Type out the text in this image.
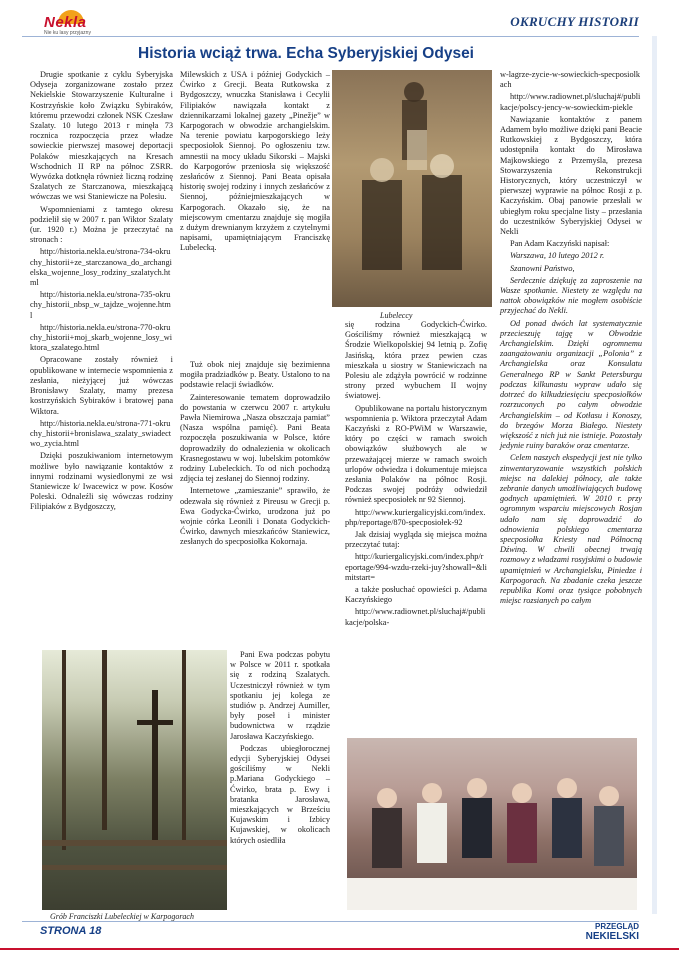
Nekla
Nie ku lasy przyjazny
OKRUCHY HISTORII
Historia wciąż trwa. Echa Syberyjskiej Odysei

Drugie spotkanie z cyklu Syberyjska Odyseja zorganizowane zostało przez Nekielskie Stowarzyszenie Kulturalne i Kostrzyńskie koło Związku Sybiraków, któremu przewodzi członek NSK Czesław Szalaty. 10 lutego 2013 r minęła 73 rocznica rozpoczęcia przez władze sowieckie pierwszej masowej deportacji Polaków mieszkających na Kresach Wschodnich II RP na północ ZSRR. Wywózka dotknęła również liczną rodzinę Szalatych ze Starczanowa, mieszkającą wówczas we wsi Staniewicze na Polesiu.

Wspomnieniami z tamtego okresu podzielił się w 2007 r. pan Wiktor Szalaty (ur. 1920 r.) Można je przeczytać na stronach :

http://historia.nekla.eu/strona-734-okruchy_historii+ze_starczanowa_do_archangielska_wojenne_losy_rodziny_szalatych.html

http://historia.nekla.eu/strona-735-okruchy_historii_nbsp_w_tajdze_wojenne.html

http://historia.nekla.eu/strona-770-okruchy_historii+moj_skarb_wojenne_losy_wiktora_szalatego.html

Opracowane zostały również i opublikowane w internecie wspomnienia z zesłania, nieżyjącej już wówczas Bronisławy Szalaty, mamy prezesa kostrzyńskich Sybiraków i bratowej pana Wiktora.

http://historia.nekla.eu/strona-771-okruchy_historii+bronislawa_szalaty_swiadectwo_zycia.html

Dzięki poszukiwaniom internetowym możliwe było nawiązanie kontaktów z innymi rodzinami wysiedlonymi ze wsi Staniewicze k/ Iwacewicz w pow. Kosów Poleski. Odnaleźli się wówczas rodziny Filipiaków z Bydgoszczy,

Milewskich z USA i później Godyckich – Ćwirko z Grecji. Beata Rutkowska z Bydgoszczy, wnuczka Stanisława i Cecylii Filipiaków nawiązała kontakt z dziennikarzami lokalnej gazety „Pinežje” w Karpogorach w obwodzie archangielskim. Na terenie powiatu karpogorskiego leży specposiołok Siennoj. Po ogłoszeniu tzw. amnestii na mocy układu Sikorski – Majski do Karpogorów przeniosła się większość zesłańców z Siennoj. Pani Beata opisała historię swojej rodziny i innych zesłańców z Siennoj, późniejmieszkających w Karpogorach. Okazało się, że na miejscowym cmentarzu znajduje się mogiła z dużym drewnianym krzyżem z czytelnymi napisami, upamiętniającym Franciszkę Lubelecką.

Tuż obok niej znajduje się bezimienna mogiła pradziadków p. Beaty. Ustalono to na podstawie relacji świadków.

Zainteresowanie tematem doprowadziło do powstania w czerwcu 2007 r. artykułu Pawła Niemirowa „Nasza obszczaja pamiat” (Nasza wspólna pamięć). Pani Beata rozpoczęła poszukiwania w Polsce, które doprowadziły do odnalezienia w okolicach Krasnegostawu w woj. lubelskim potomków rodziny Lubeleckich. To od nich pochodzą zdjęcia tej zesłanej do Siennoj rodziny.

Internetowe „zamieszanie” sprawiło, że odezwała się również z Pireusu w Grecji p. Ewa Godycka-Ćwirko, urodzona już po wojnie córka Leonili i Donata Godyckich-Ćwirko, dawnych mieszkańców Staniewicz, zesłanych do specposiołka Kokornaja.

Pani Ewa podczas pobytu w Polsce w 2011 r. spotkała się z rodziną Szalatych. Uczestniczył również w tym spotkaniu jej kolega ze studiów p. Andrzej Aumiller, były poseł i minister budownictwa w rządzie Jarosława Kaczyńskiego.

Podczas ubiegłorocznej edycji Syberyjskiej Odysei gościliśmy w Nekli p.Mariana Godyckiego – Ćwirko, brata p. Ewy i bratanka Jarosława, mieszkających w Brześciu Kujawskim i Izbicy Kujawskiej, w okolicach których osiedliła

Lubeleccy
Grób Franciszki Lubeleckiej w Karpogorach

się rodzina Godyckich-Ćwirko. Gościliśmy również mieszkającą w Środzie Wielkopolskiej 94 letnią p. Zofię Jasińską, która przez pewien czas mieszkała u siostry w Staniewiczach na Polesiu ale zdążyła powrócić w rodzinne strony przed wybuchem II wojny światowej.

Opublikowane na portalu historycznym wspomnienia p. Wiktora przeczytał Adam Kaczyński z RO-PWiM w Warszawie, który po części w ramach swoich obowiązków służbowych ale w przeważającej mierze w ramach swoich urlopów odwiedza i dokumentuje miejsca zesłania Polaków na północ Rosji. Podczas swojej podróży odwiedził również specposiołek nr 92 Siennoj.

http://www.kuriergalicyjski.com/index.php/reportage/870-specposiołek-92

Jak dzisiaj wygląda się miejsca można przeczytać tutaj:

http://kuriergalicyjski.com/index.php/reportage/994-wzdu-rzeki-juy?showall=&limitstart=

a także posłuchać opowieści p. Adama Kaczyńskiego

http://www.radiownet.pl/sluchaj#/publikacje/polska-

w-lagrze-zycie-w-sowieckich-specposiolkach

http://www.radiownet.pl/sluchaj#/publikacje/polscy-jency-w-sowieckim-piekle

Nawiązanie kontaktów z panem Adamem było możliwe dzięki pani Beacie Rutkowskiej z Bydgoszczy, która udostępniła kontakt do Mirosława Majkowskiego z Przemyśla, prezesa Stowarzyszenia Rekonstrukcji Historycznych, który uczestniczył w pierwszej wyprawie na północ Rosji z p. Kaczyńskim. Obaj panowie przesłali w ubiegłym roku specjalne listy – przesłania do uczestników Syberyjskiej Odysei w Nekli

Pan Adam Kaczyński napisał:

Warszawa, 10 lutego 2012 r.

Szanowni Państwo,

Serdecznie dziękuję za zaproszenie na Wasze spotkanie. Niestety ze względu na nattok obowiązków nie mogłem osobiście przyjechać do Nekli.

Od ponad dwóch lat systematycznie przecieszuję tajgę w Obwodzie Archangielskim. Dzięki ogromnemu zaangażowaniu organizacji „Polonia” z Archangielska oraz Konsulatu Generalnego RP w Sankt Petersburgu podczas kilkunastu wypraw udało się dotrzeć do kilkudziesięciu specposiołków rozrzuconych po całym obwodzie Archangielskim – od Kotłasu i Konoszy, do brzegów Morza Białego. Niestety większość z nich już nie istnieje. Pozostały jedynie ruiny baraków oraz cmentarze.

Celem naszych ekspedycji jest nie tylko zinwentaryzowanie wszystkich polskich miejsc na dalekiej północy, ale także zebranie danych umożliwiających budowę godnych upamiętnień. W 2010 r. przy ogromnym wsparciu miejscowych Rosjan udało nam się doprowadzić do odnowienia polskiego cmentarza specposiołka Kriesty nad Północną Dźwiną. W chwili obecnej trwają rozmowy z władzami rosyjskimi o budowie upamiętnień w Archangielsku, Piniedze i Karpogorach. Na zbadanie czeka jeszcze republika Komi oraz tysiące pobobnych miejsc rozsianych po całym

STRONA 18	PRZEGLĄD
NEKIELSKI
